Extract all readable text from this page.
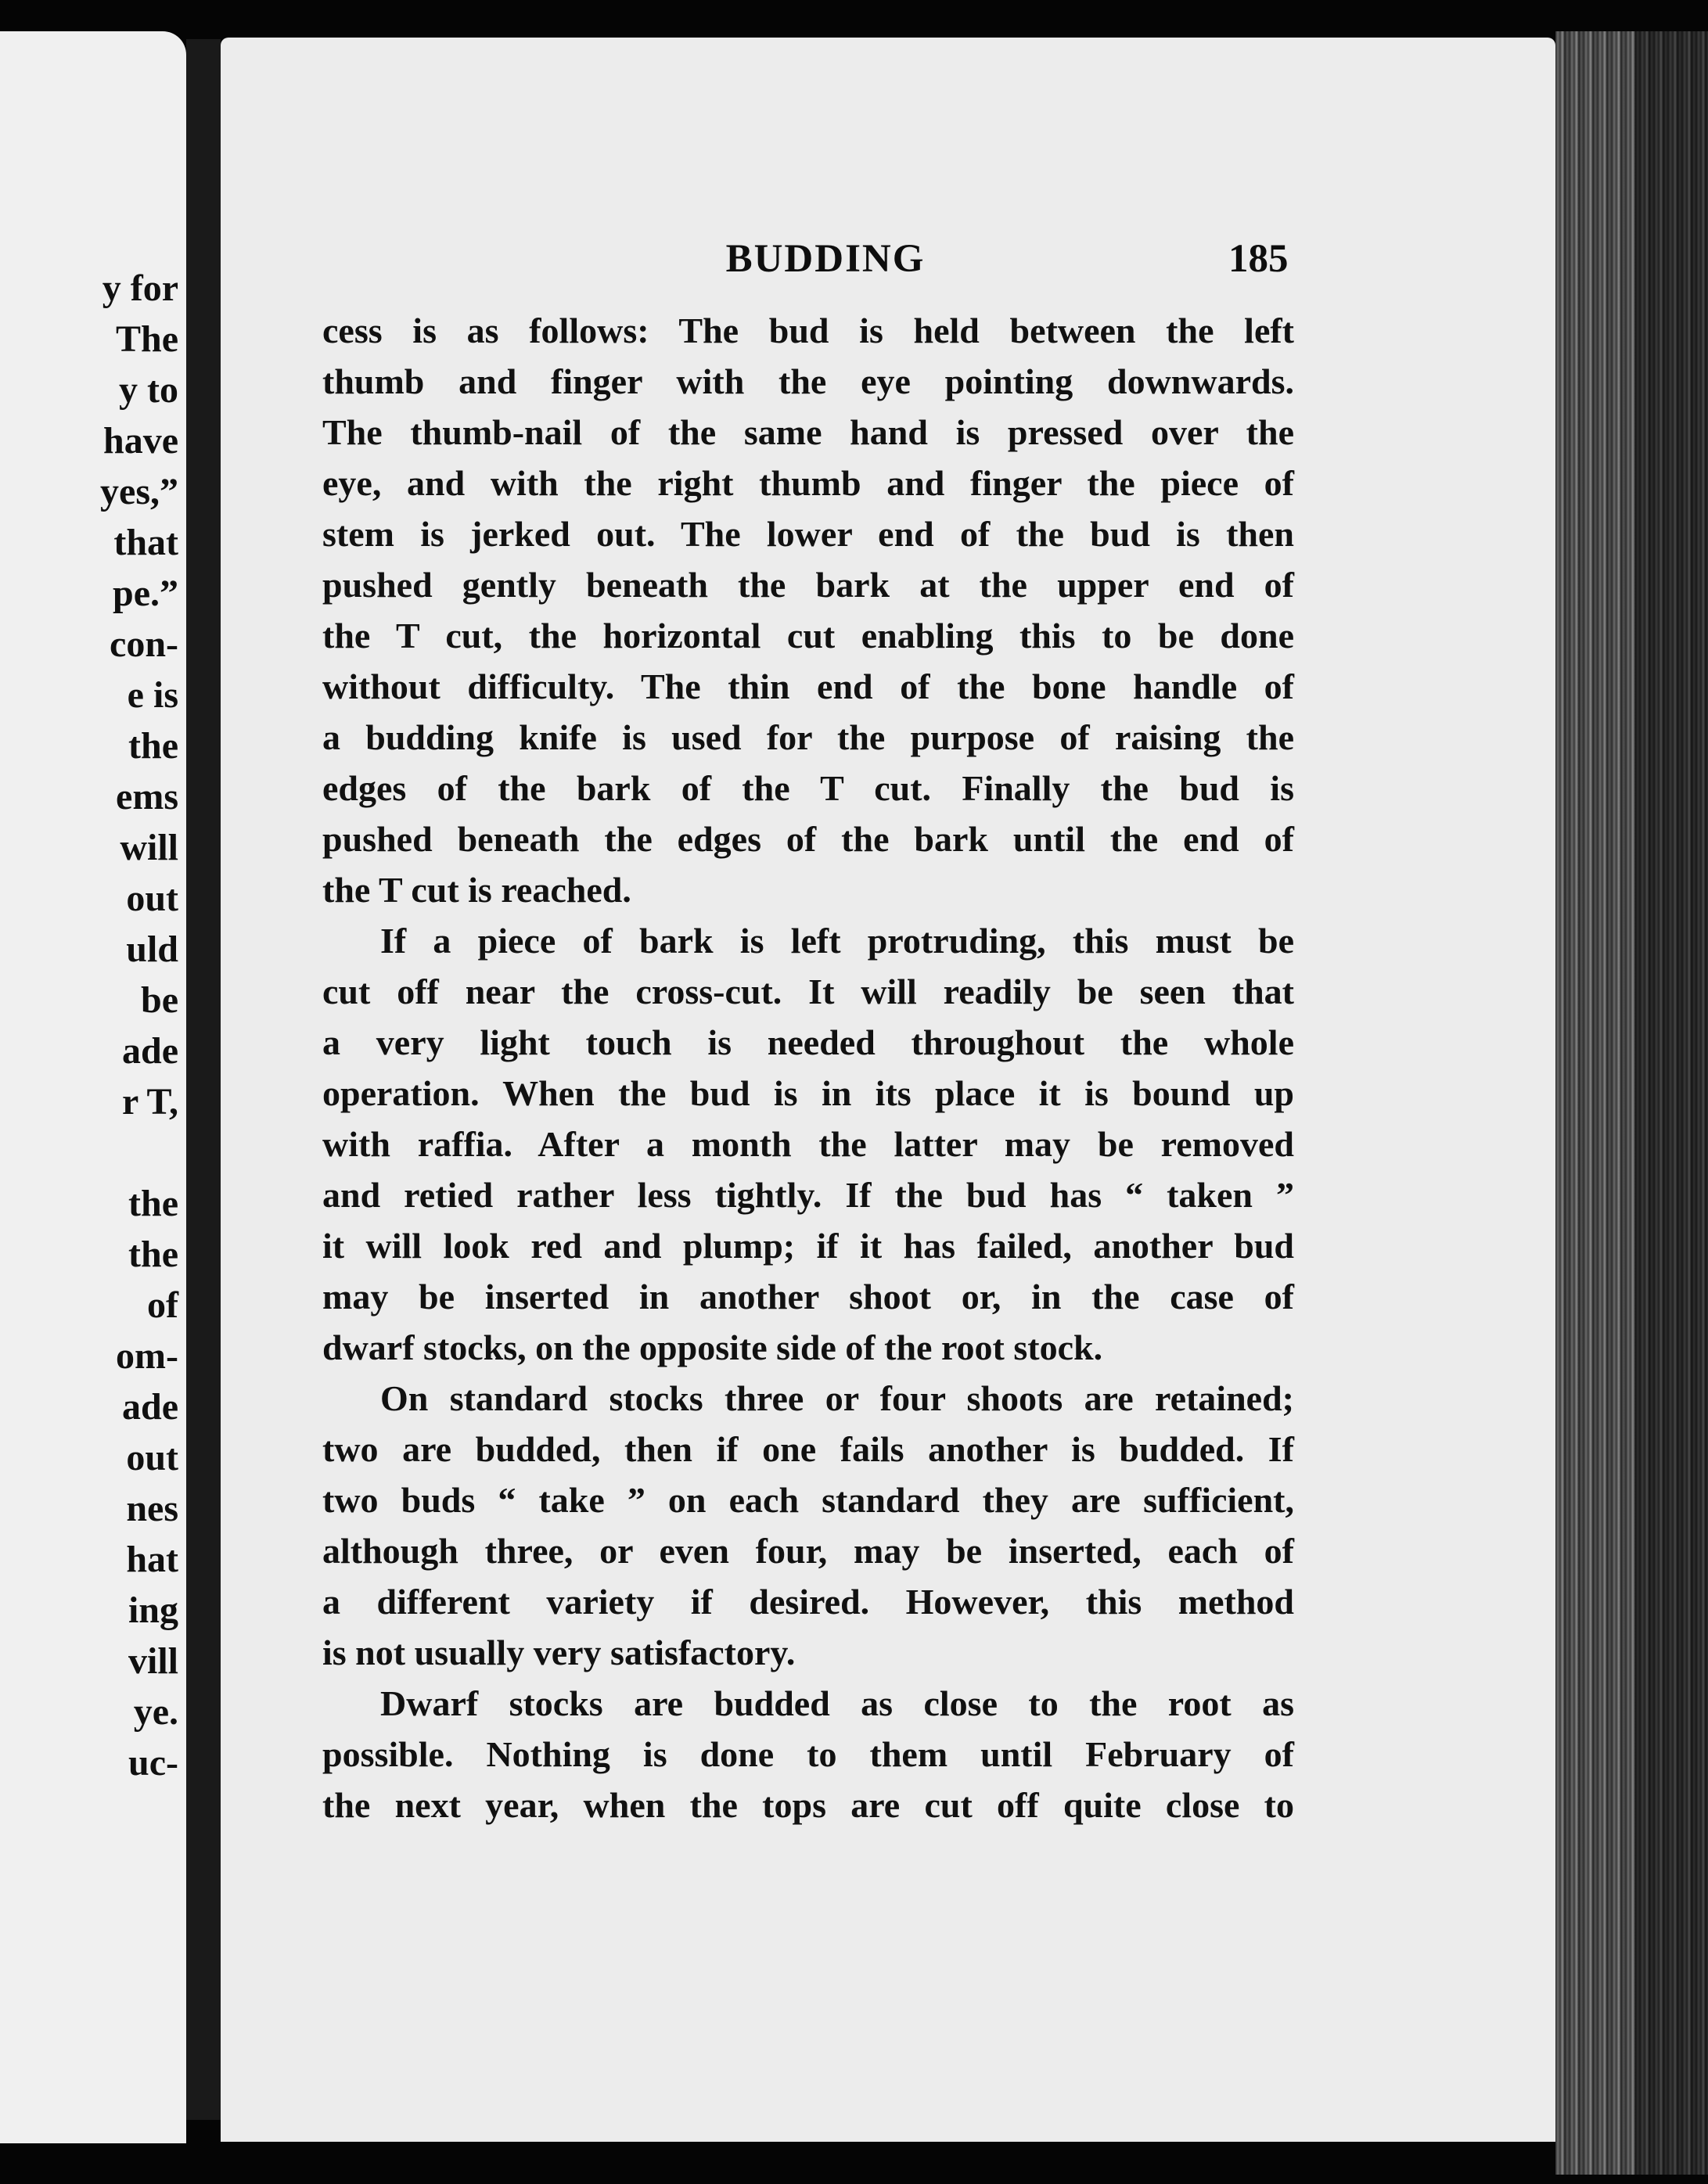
y for
The
y to
have
yes,”
that
pe.”
con-
e is
the
ems
will
out
uld
be
ade
r T,
the
the
of
om-
ade
out
nes
hat
ing
vill
ye.
uc-
BUDDING	185
cess is as follows: The bud is held between the left
thumb and finger with the eye pointing downwards.
The thumb-nail of the same hand is pressed over the
eye, and with the right thumb and finger the piece of
stem is jerked out. The lower end of the bud is then
pushed gently beneath the bark at the upper end of
the T cut, the horizontal cut enabling this to be done
without difficulty. The thin end of the bone handle of
a budding knife is used for the purpose of raising the
edges of the bark of the T cut. Finally the bud is
pushed beneath the edges of the bark until the end of
the T cut is reached.
If a piece of bark is left protruding, this must be
cut off near the cross-cut. It will readily be seen that
a very light touch is needed throughout the whole
operation. When the bud is in its place it is bound up
with raffia. After a month the latter may be removed
and retied rather less tightly. If the bud has “ taken ”
it will look red and plump; if it has failed, another bud
may be inserted in another shoot or, in the case of
dwarf stocks, on the opposite side of the root stock.
On standard stocks three or four shoots are retained;
two are budded, then if one fails another is budded. If
two buds “ take ” on each standard they are sufficient,
although three, or even four, may be inserted, each of
a different variety if desired. However, this method
is not usually very satisfactory.
Dwarf stocks are budded as close to the root as
possible. Nothing is done to them until February of
the next year, when the tops are cut off quite close to
